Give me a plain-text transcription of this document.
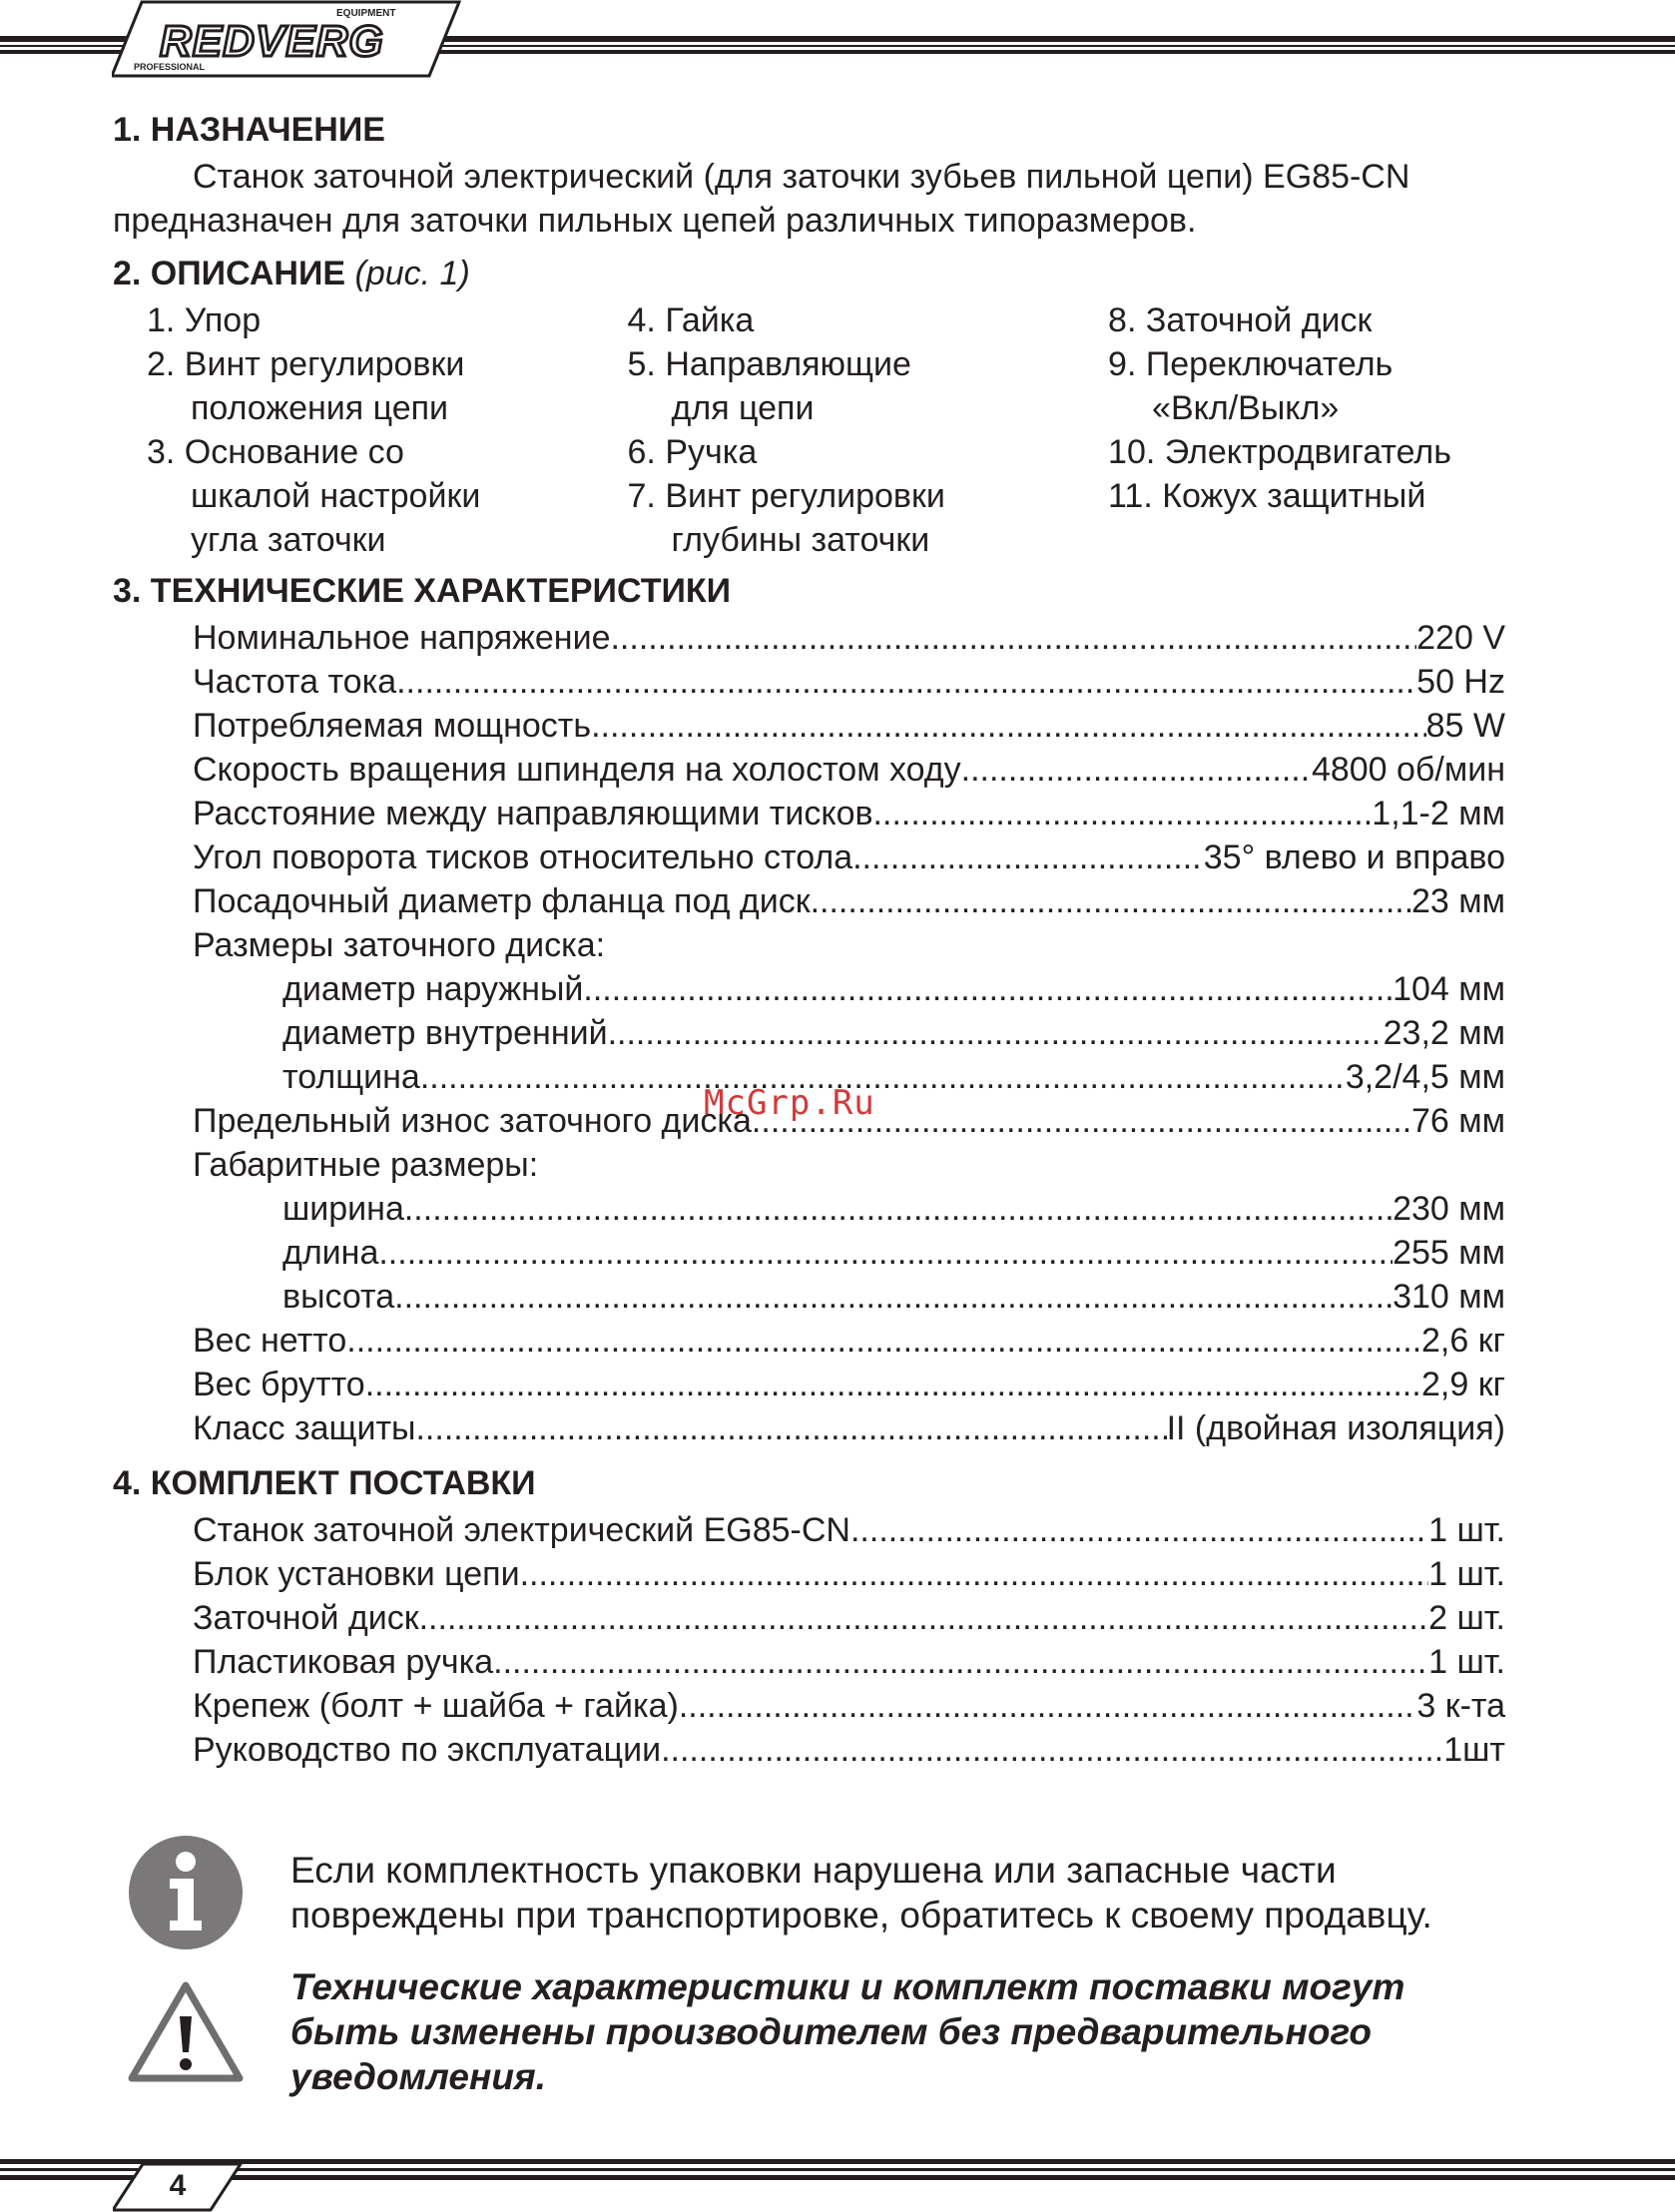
EQUIPMENT
REDVERG
PROFESSIONAL
1. НАЗНАЧЕНИЕ

Станок заточной электрический (для заточки зубьев пильной цепи) EG85-CN

предназначен для заточки пильных цепей различных типоразмеров.

2. ОПИСАНИЕ (рис. 1)
1. Упор
2. Винт регулировки
положения цепи
3. Основание со
шкалой настройки
угла заточки
4. Гайка
5. Направляющие
для цепи
6. Ручка
7. Винт регулировки
глубины заточки
8. Заточной диск
9. Переключатель
«Вкл/Выкл»
10. Электродвигатель
11. Кожух защитный
3. ТЕХНИЧЕСКИЕ ХАРАКТЕРИСТИКИ
Номинальное напряжение .....	220 V
Частота тока .....	50 Hz
Потребляемая мощность .....	85 W
Скорость вращения шпинделя на холостом ходу .....	4800 об/мин
Расстояние между направляющими тисков .....	1,1-2 мм
Угол поворота тисков относительно стола .....	35° влево и вправо
Посадочный диаметр фланца под диск .....	23 мм
Размеры заточного диска:
диаметр наружный .....	104 мм
диаметр внутренний .....	23,2 мм
толщина .....	3,2/4,5 мм
Предельный износ заточного диска .....	76 мм
Габаритные размеры:
ширина .....	230 мм
длина .....	255 мм
высота .....	310 мм
Вес нетто .....	2,6 кг
Вес брутто .....	2,9 кг
Класс защиты .....	II (двойная изоляция)
4. КОМПЛЕКТ ПОСТАВКИ
Станок заточной электрический EG85-CN .....	1 шт.
Блок установки цепи .....	1 шт.
Заточной диск .....	2 шт.
Пластиковая ручка .....	1 шт.
Крепеж (болт + шайба + гайка) .....	3 к-та
Руководство по эксплуатации .....	1шт
McGrp.Ru
Если комплектность упаковки нарушена или запасные части
повреждены при транспортировке, обратитесь к своему продавцу.
Технические характеристики и комплект поставки могут
быть изменены производителем без предварительного
уведомления.
4
